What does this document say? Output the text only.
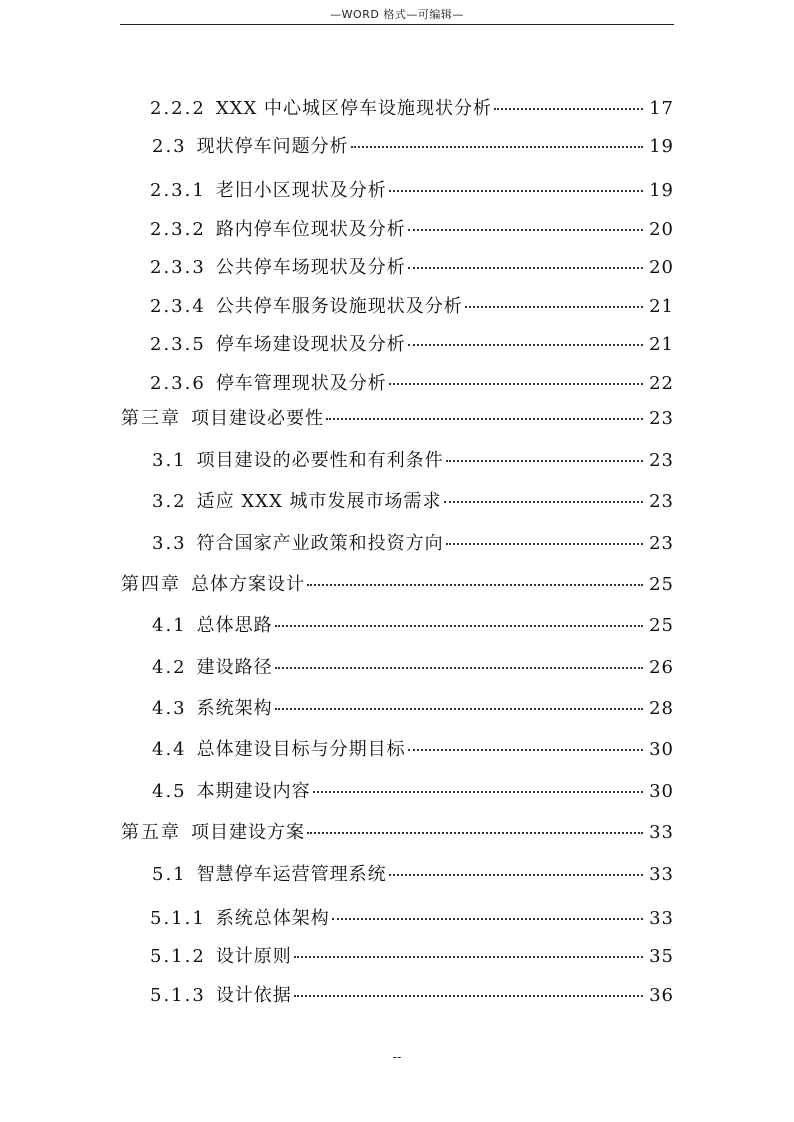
—WORD 格式—可编辑—
2.2.2 XXX 中心城区停车设施现状分析	17
2.3 现状停车问题分析	19
2.3.1 老旧小区现状及分析	19
2.3.2 路内停车位现状及分析	20
2.3.3 公共停车场现状及分析	20
2.3.4 公共停车服务设施现状及分析	21
2.3.5 停车场建设现状及分析	21
2.3.6 停车管理现状及分析	22
第三章 项目建设必要性	23
3.1 项目建设的必要性和有利条件	23
3.2 适应 XXX 城市发展市场需求	23
3.3 符合国家产业政策和投资方向	23
第四章 总体方案设计	25
4.1 总体思路	25
4.2 建设路径	26
4.3 系统架构	28
4.4 总体建设目标与分期目标	30
4.5 本期建设内容	30
第五章 项目建设方案	33
5.1 智慧停车运营管理系统	33
5.1.1 系统总体架构	33
5.1.2 设计原则	35
5.1.3 设计依据	36
--
